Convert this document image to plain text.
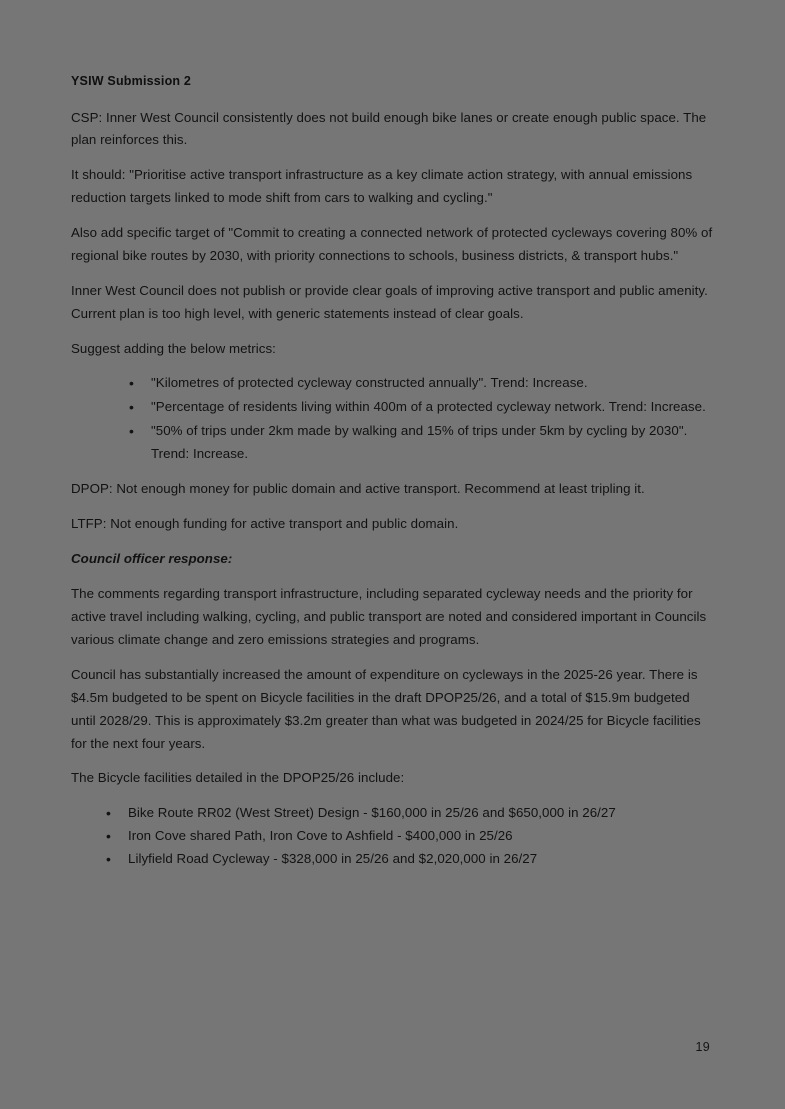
YSIW Submission 2

CSP: Inner West Council consistently does not build enough bike lanes or create enough public space. The plan reinforces this.

It should: "Prioritise active transport infrastructure as a key climate action strategy, with annual emissions reduction targets linked to mode shift from cars to walking and cycling."

Also add specific target of "Commit to creating a connected network of protected cycleways covering 80% of regional bike routes by 2030, with priority connections to schools, business districts, & transport hubs."

Inner West Council does not publish or provide clear goals of improving active transport and public amenity. Current plan is too high level, with generic statements instead of clear goals.

Suggest adding the below metrics:

• "Kilometres of protected cycleway constructed annually". Trend: Increase.
• "Percentage of residents living within 400m of a protected cycleway network. Trend: Increase.
• "50% of trips under 2km made by walking and 15% of trips under 5km by cycling by 2030". Trend: Increase.

DPOP: Not enough money for public domain and active transport. Recommend at least tripling it.

LTFP: Not enough funding for active transport and public domain.

Council officer response:

The comments regarding transport infrastructure, including separated cycleway needs and the priority for active travel including walking, cycling, and public transport are noted and considered important in Councils various climate change and zero emissions strategies and programs.

Council has substantially increased the amount of expenditure on cycleways in the 2025-26 year. There is $4.5m budgeted to be spent on Bicycle facilities in the draft DPOP25/26, and a total of $15.9m budgeted until 2028/29. This is approximately $3.2m greater than what was budgeted in 2024/25 for Bicycle facilities for the next four years.

The Bicycle facilities detailed in the DPOP25/26 include:

• Bike Route RR02 (West Street) Design - $160,000 in 25/26 and $650,000 in 26/27
• Iron Cove shared Path, Iron Cove to Ashfield - $400,000 in 25/26
• Lilyfield Road Cycleway - $328,000 in 25/26 and $2,020,000 in 26/27
19
